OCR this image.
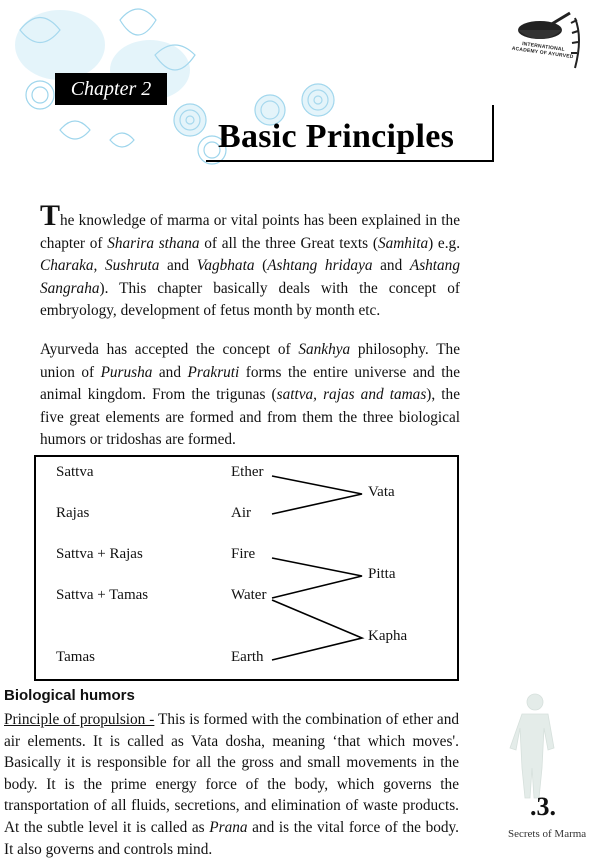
INTERNATIONAL ACADEMY OF AYURVED
Chapter 2
Basic Principles
The knowledge of marma or vital points has been explained in the chapter of Sharira sthana of all the three Great texts (Samhita) e.g. Charaka, Sushruta and Vagbhata (Ashtang hridaya and Ashtang Sangraha). This chapter basically deals with the concept of embryology, development of fetus month by month etc.
Ayurveda has accepted the concept of Sankhya philosophy. The union of Purusha and Prakruti forms the entire universe and the animal kingdom. From the trigunas (sattva, rajas and tamas), the five great elements are formed and from them the three biological humors or tridoshas are formed.
Sattva
Rajas
Sattva + Rajas
Sattva + Tamas
Tamas
Ether
Air
Fire
Water
Earth
Vata
Pitta
Kapha
Biological humors
Principle of propulsion - This is formed with the combination of ether and air elements. It is called as Vata dosha, meaning ‘that which moves'. Basically it is responsible for all the gross and small movements in the body. It is the prime energy force of the body, which governs the transportation of all fluids, secretions, and elimination of waste products. At the subtle level it is called as Prana and is the vital force of the body. It also governs and controls mind.
.3.
Secrets of Marma
